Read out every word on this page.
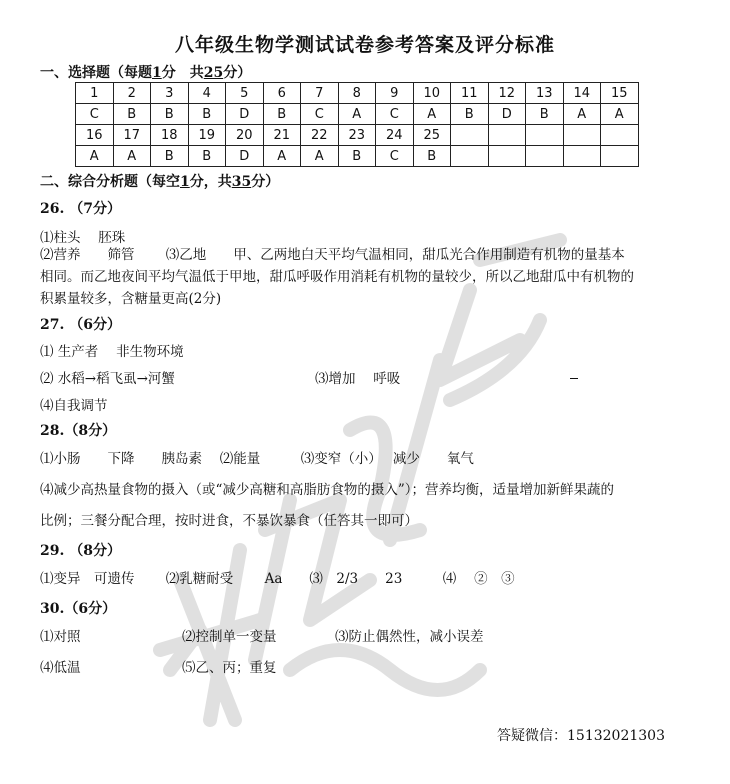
八年级生物学测试试卷参考答案及评分标准
一、选择题（每题1分　共25分）
1	2	3	4	5	6	7	8	9	10	11	12	13	14	15
C	B	B	B	D	B	C	A	C	A	B	D	B	A	A
16	17	18	19	20	21	22	23	24	25					
A	A	B	B	D	A	A	B	C	B					
二、综合分析题（每空1分，共35分）
26. （7分）
⑴柱头　 胚珠
⑵营养　　筛管　　 ⑶乙地　　甲、乙两地白天平均气温相同，甜瓜光合作用制造有机物的量基本
相同。而乙地夜间平均气温低于甲地，甜瓜呼吸作用消耗有机物的量较少，所以乙地甜瓜中有机物的
积累量较多，含糖量更高(2分)
27. （6分）
⑴ 生产者　 非生物环境
⑵ 水稻→稻飞虱→河蟹	⑶增加　 呼吸
⑷自我调节
28.（8分）
⑴小肠　　下降　　胰岛素　 ⑵能量　　　⑶变窄（小）　 减少　　氧气
⑷减少高热量食物的摄入（或“减少高糖和高脂肪食物的摄入”）；营养均衡，适量增加新鲜果蔬的
比例；三餐分配合理，按时进食，不暴饮暴食（任答其一即可）
29. （8分）
⑴变异　可遗传　　 ⑵乳糖耐受　　 Aa　　⑶　2/3　　23　　　⑷　 ②　③
30.（6分）
⑴对照	⑵控制单一变量	⑶防止偶然性，减小误差
⑷低温	⑸乙、丙；重复
答疑微信：15132021303
